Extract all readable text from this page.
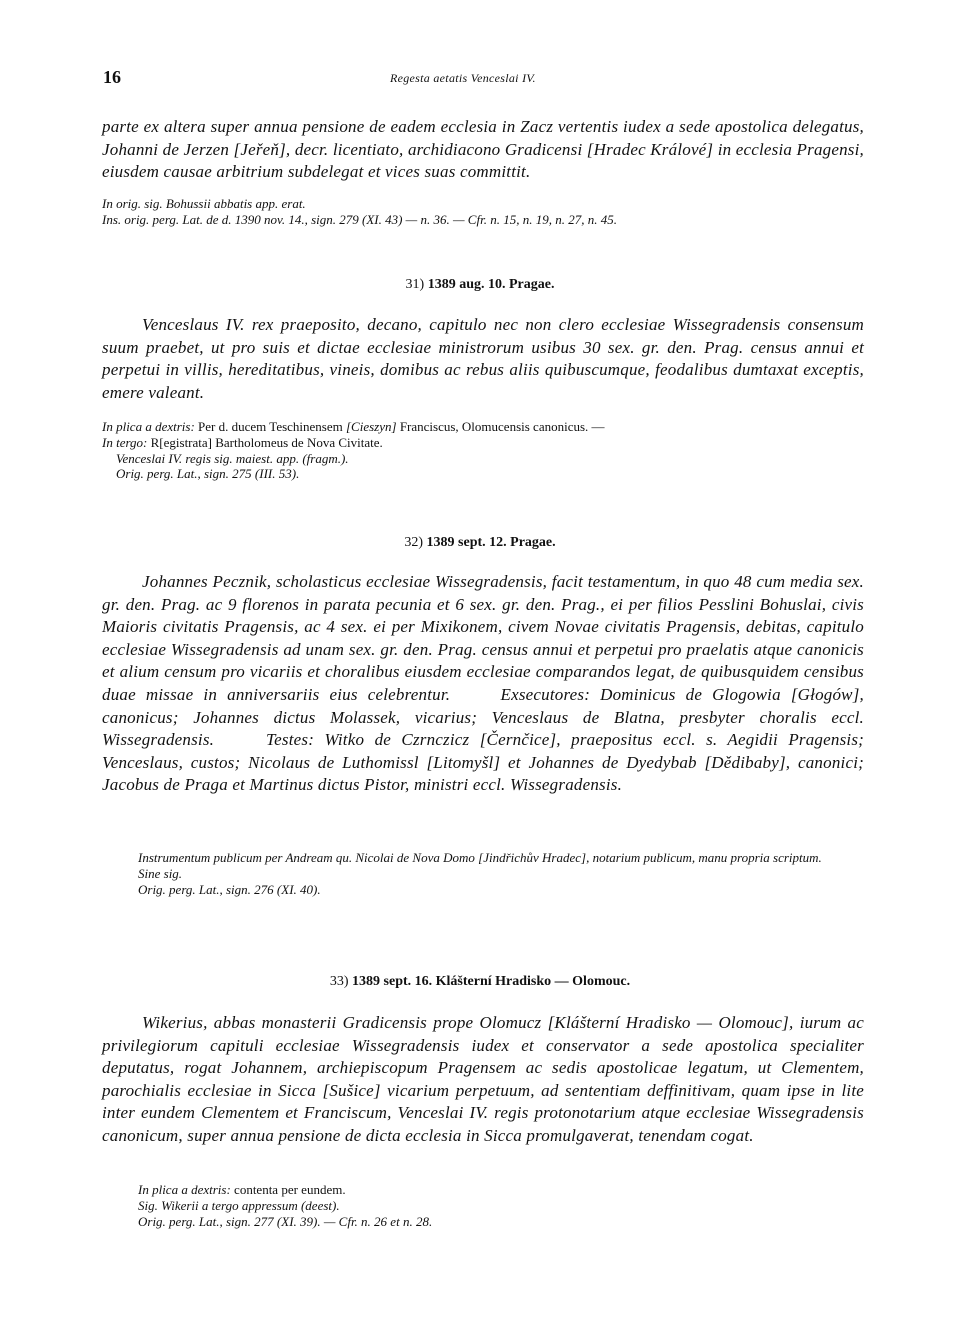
16	Regesta aetatis Venceslai IV.
parte ex altera super annua pensione de eadem ecclesia in Zacz vertentis iudex a sede apostolica delegatus, Johanni de Jerzen [Jeřeň], decr. licentiato, archidiacono Gradicensi [Hradec Králové] in ecclesia Pragensi, eiusdem causae arbitrium subdelegat et vices suas committit.
In orig. sig. Bohussii abbatis app. erat.
Ins. orig. perg. Lat. de d. 1390 nov. 14., sign. 279 (XI. 43) — n. 36. — Cfr. n. 15, n. 19, n. 27, n. 45.
31) 1389 aug. 10. Pragae.
Venceslaus IV. rex praeposito, decano, capitulo nec non clero ecclesiae Wissegradensis consensum suum praebet, ut pro suis et dictae ecclesiae ministrorum usibus 30 sex. gr. den. Prag. census annui et perpetui in villis, hereditatibus, vineis, domibus ac rebus aliis quibuscumque, feodalibus dumtaxat exceptis, emere valeant.
In plica a dextris: Per d. ducem Teschinensem [Cieszyn] Franciscus, Olomucensis canonicus. —
In tergo: R[egistrata] Bartholomeus de Nova Civitate.
Venceslai IV. regis sig. maiest. app. (fragm.).
Orig. perg. Lat., sign. 275 (III. 53).
32) 1389 sept. 12. Pragae.
Johannes Pecznik, scholasticus ecclesiae Wissegradensis, facit testamentum, in quo 48 cum media sex. gr. den. Prag. ac 9 florenos in parata pecunia et 6 sex. gr. den. Prag., ei per filios Pesslini Bohuslai, civis Maioris civitatis Pragensis, ac 4 sex. ei per Mixikonem, civem Novae civitatis Pragensis, debitas, capitulo ecclesiae Wissegradensis ad unam sex. gr. den. Prag. census annui et perpetui pro praelatis atque canonicis et alium censum pro vicariis et choralibus eiusdem ecclesiae comparandos legat, de quibusquidem censibus duae missae in anniversariis eius celebrentur.     Exsecutores: Dominicus de Glogowia [Głogów], canonicus; Johannes dictus Molassek, vicarius; Venceslaus de Blatna, presbyter choralis eccl. Wissegradensis.     Testes: Witko de Czrnczicz [Černčice], praepositus eccl. s. Aegidii Pragensis; Venceslaus, custos; Nicolaus de Luthomissl [Litomyšl] et Johannes de Dyedybab [Dědibaby], canonici; Jacobus de Praga et Martinus dictus Pistor, ministri eccl. Wissegradensis.
Instrumentum publicum per Andream qu. Nicolai de Nova Domo [Jindřichův Hradec], notarium publicum, manu propria scriptum.
Sine sig.
Orig. perg. Lat., sign. 276 (XI. 40).
33) 1389 sept. 16. Klášterní Hradisko — Olomouc.
Wikerius, abbas monasterii Gradicensis prope Olomucz [Klášterní Hradisko — Olomouc], iurum ac privilegiorum capituli ecclesiae Wissegradensis iudex et conservator a sede apostolica specialiter deputatus, rogat Johannem, archiepiscopum Pragensem ac sedis apostolicae legatum, ut Clementem, parochialis ecclesiae in Sicca [Sušice] vicarium perpetuum, ad sententiam deffinitivam, quam ipse in lite inter eundem Clementem et Franciscum, Venceslai IV. regis protonotarium atque ecclesiae Wissegradensis canonicum, super annua pensione de dicta ecclesia in Sicca promulgaverat, tenendam cogat.
In plica a dextris: contenta per eundem.
Sig. Wikerii a tergo appressum (deest).
Orig. perg. Lat., sign. 277 (XI. 39). — Cfr. n. 26 et n. 28.
